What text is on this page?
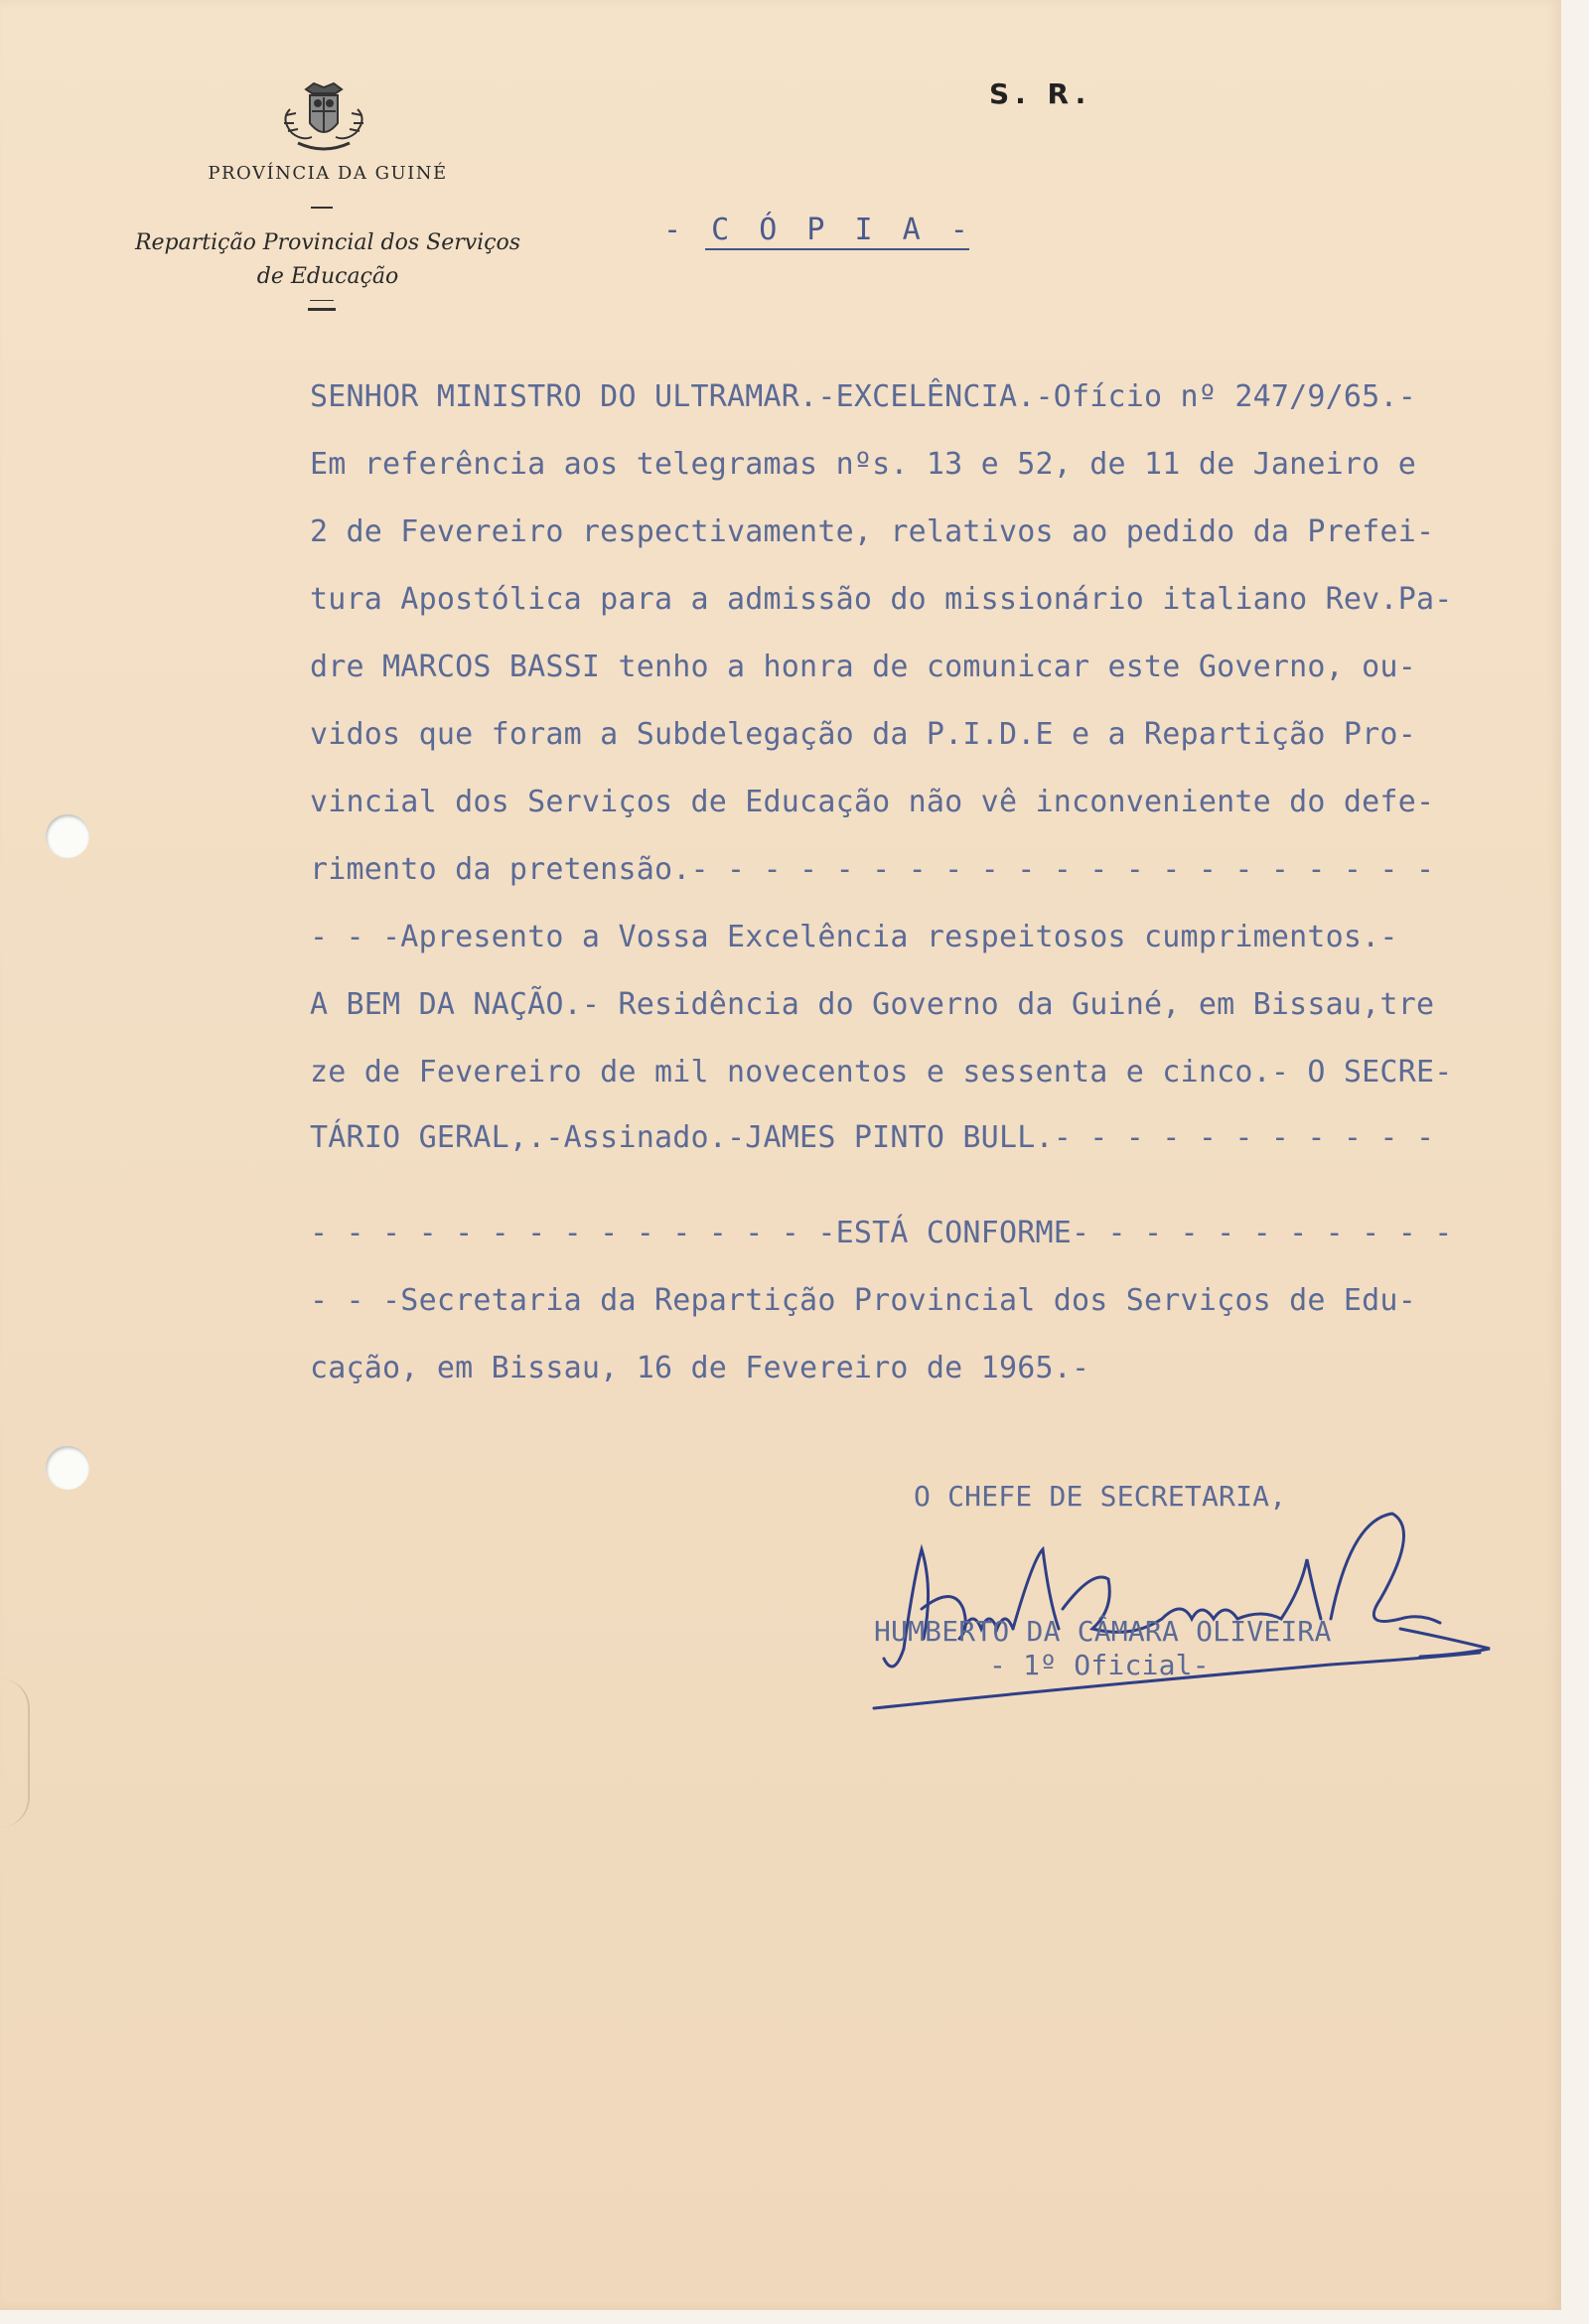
PROVÍNCIA DA GUINÉ
Repartição Provincial dos Serviços
de Educação
S. R.
- C Ó P I A -
SENHOR MINISTRO DO ULTRAMAR.-EXCELÊNCIA.-Ofício nº 247/9/65.-
Em referência aos telegramas nºs. 13 e 52, de 11 de Janeiro e
2 de Fevereiro respectivamente, relativos ao pedido da Prefei-
tura Apostólica para a admissão do missionário italiano Rev.Pa-
dre MARCOS BASSI tenho a honra de comunicar este Governo, ou-
vidos que foram a Subdelegação da P.I.D.E e a Repartição Pro-
vincial dos Serviços de Educação não vê inconveniente do defe-
rimento da pretensão.- - - - - - - - - - - - - - - - - - - - -
- - -Apresento a Vossa Excelência respeitosos cumprimentos.-
A BEM DA NAÇÃO.- Residência do Governo da Guiné, em Bissau,tre
ze de Fevereiro de mil novecentos e sessenta e cinco.- O SECRE-
TÁRIO GERAL,.-Assinado.-JAMES PINTO BULL.- - - - - - - - - - -
- - - - - - - - - - - - - - -ESTÁ CONFORME- - - - - - - - - - -
- - -Secretaria da Repartição Provincial dos Serviços de Edu-
cação, em Bissau, 16 de Fevereiro de 1965.-
O CHEFE DE SECRETARIA,
HUMBERTO DA CÂMARA OLIVEIRA
- 1º Oficial-
